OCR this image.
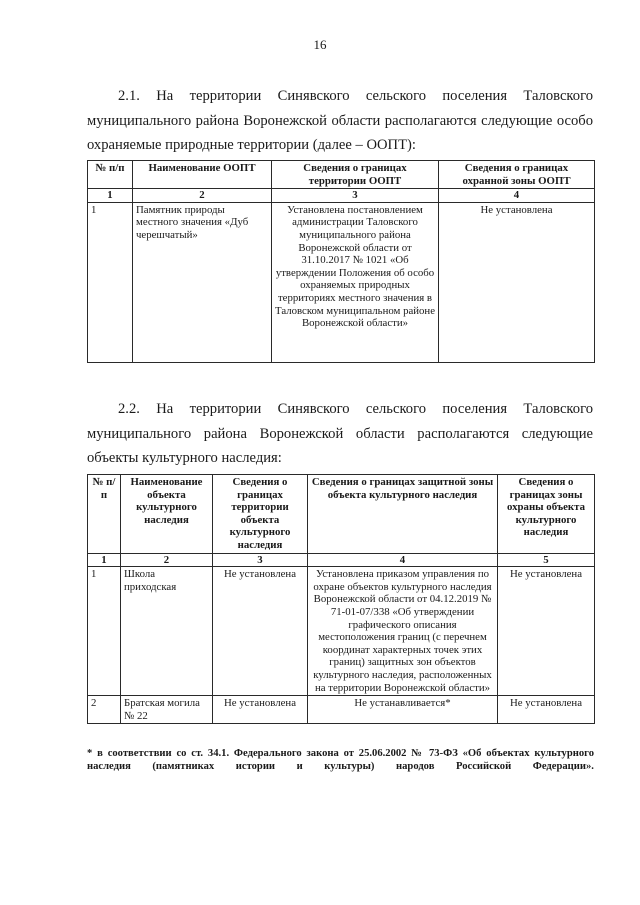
16

2.1. На территории Синявского сельского поселения Таловского муниципального района Воронежской области располагаются следующие особо охраняемые природные территории (далее – ООПТ):

№ п/п	Наименование ООПТ	Сведения о границах территории ООПТ	Сведения о границах охранной зоны ООПТ
1	2	3	4
1	Памятник природы местного значения «Дуб черешчатый»	Установлена постановлением администрации Таловского муниципального района Воронежской области от 31.10.2017 № 1021 «Об утверждении Положения об особо охраняемых природных территориях местного значения в Таловском муниципальном районе Воронежской области»	Не установлена

2.2. На территории Синявского сельского поселения Таловского муниципального района Воронежской области располагаются следующие объекты культурного наследия:

№ п/п	Наименование объекта культурного наследия	Сведения о границах территории объекта культурного наследия	Сведения о границах защитной зоны объекта культурного наследия	Сведения о границах зоны охраны объекта культурного наследия
1	2	3	4	5
1	Школа приходская	Не установлена	Установлена приказом управления по охране объектов культурного наследия Воронежской области от 04.12.2019 № 71-01-07/338 «Об утверждении графического описания местоположения границ (с перечнем координат характерных точек этих границ) защитных зон объектов культурного наследия, расположенных на территории Воронежской области»	Не установлена
2	Братская могила № 22	Не установлена	Не устанавливается*	Не установлена

* в соответствии со ст. 34.1. Федерального закона от 25.06.2002 № 73-ФЗ «Об объектах культурного

наследия (памятниках истории и культуры) народов Российской Федерации».
